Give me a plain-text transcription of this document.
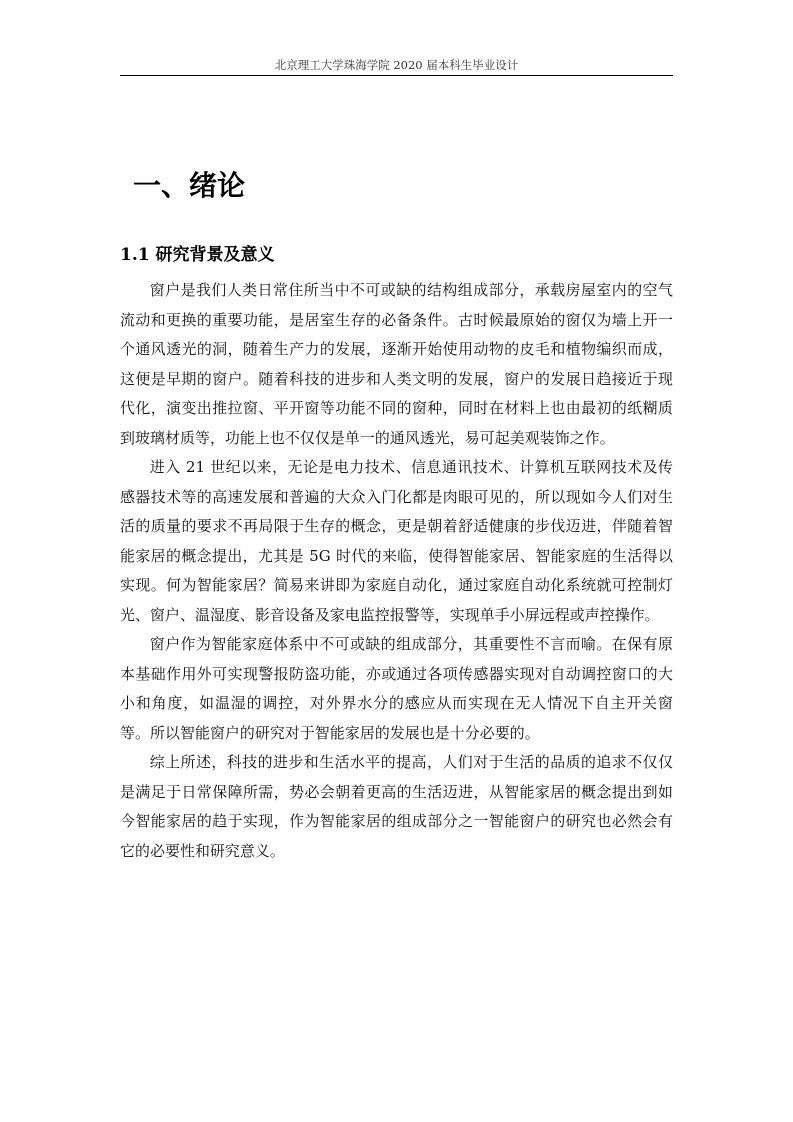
北京理工大学珠海学院 2020 届本科生毕业设计
一、绪论
1.1 研究背景及意义

窗户是我们人类日常住所当中不可或缺的结构组成部分，承载房屋室内的空气流动和更换的重要功能，是居室生存的必备条件。古时候最原始的窗仅为墙上开一个通风透光的洞，随着生产力的发展，逐渐开始使用动物的皮毛和植物编织而成，这便是早期的窗户。随着科技的进步和人类文明的发展，窗户的发展日趋接近于现代化，演变出推拉窗、平开窗等功能不同的窗种，同时在材料上也由最初的纸糊质到玻璃材质等，功能上也不仅仅是单一的通风透光，易可起美观装饰之作。

进入 21 世纪以来，无论是电力技术、信息通讯技术、计算机互联网技术及传感器技术等的高速发展和普遍的大众入门化都是肉眼可见的，所以现如今人们对生活的质量的要求不再局限于生存的概念，更是朝着舒适健康的步伐迈进，伴随着智能家居的概念提出，尤其是 5G 时代的来临，使得智能家居、智能家庭的生活得以实现。何为智能家居？简易来讲即为家庭自动化，通过家庭自动化系统就可控制灯光、窗户、温湿度、影音设备及家电监控报警等，实现单手小屏远程或声控操作。

窗户作为智能家庭体系中不可或缺的组成部分，其重要性不言而喻。在保有原本基础作用外可实现警报防盗功能，亦或通过各项传感器实现对自动调控窗口的大小和角度，如温湿的调控，对外界水分的感应从而实现在无人情况下自主开关窗等。所以智能窗户的研究对于智能家居的发展也是十分必要的。

综上所述，科技的进步和生活水平的提高，人们对于生活的品质的追求不仅仅是满足于日常保障所需，势必会朝着更高的生活迈进，从智能家居的概念提出到如今智能家居的趋于实现，作为智能家居的组成部分之一智能窗户的研究也必然会有它的必要性和研究意义。
